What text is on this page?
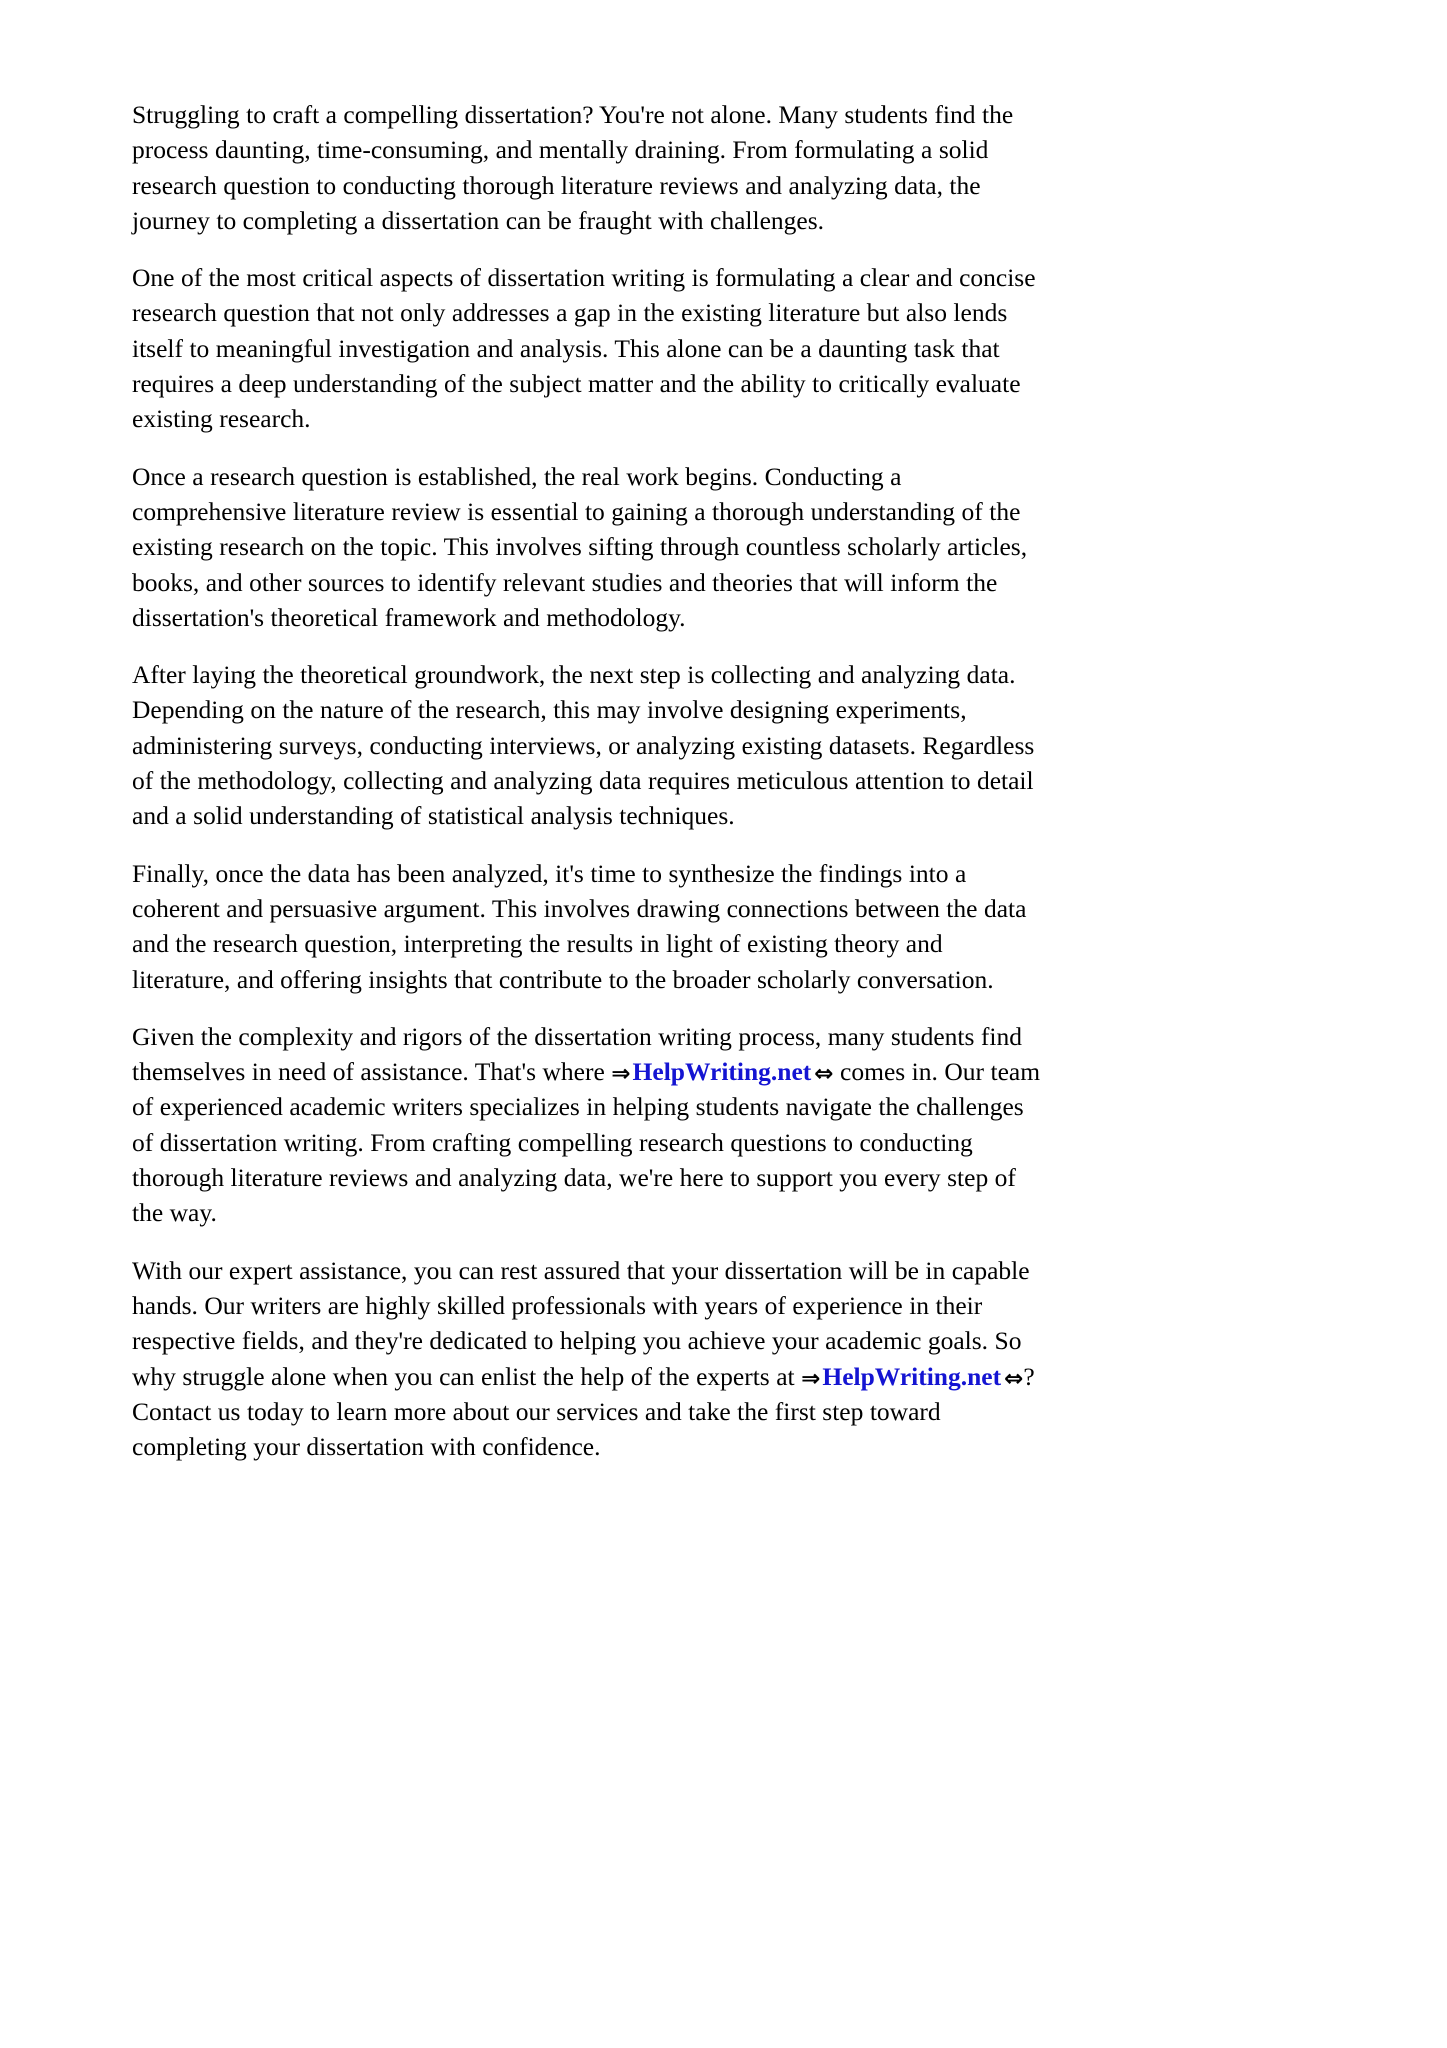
Struggling to craft a compelling dissertation? You're not alone. Many students find the process daunting, time-consuming, and mentally draining. From formulating a solid research question to conducting thorough literature reviews and analyzing data, the journey to completing a dissertation can be fraught with challenges.

One of the most critical aspects of dissertation writing is formulating a clear and concise research question that not only addresses a gap in the existing literature but also lends itself to meaningful investigation and analysis. This alone can be a daunting task that requires a deep understanding of the subject matter and the ability to critically evaluate existing research.

Once a research question is established, the real work begins. Conducting a comprehensive literature review is essential to gaining a thorough understanding of the existing research on the topic. This involves sifting through countless scholarly articles, books, and other sources to identify relevant studies and theories that will inform the dissertation's theoretical framework and methodology.

After laying the theoretical groundwork, the next step is collecting and analyzing data. Depending on the nature of the research, this may involve designing experiments, administering surveys, conducting interviews, or analyzing existing datasets. Regardless of the methodology, collecting and analyzing data requires meticulous attention to detail and a solid understanding of statistical analysis techniques.

Finally, once the data has been analyzed, it's time to synthesize the findings into a coherent and persuasive argument. This involves drawing connections between the data and the research question, interpreting the results in light of existing theory and literature, and offering insights that contribute to the broader scholarly conversation.

Given the complexity and rigors of the dissertation writing process, many students find themselves in need of assistance. That's where ⇒HelpWriting.net ⇔ comes in. Our team of experienced academic writers specializes in helping students navigate the challenges of dissertation writing. From crafting compelling research questions to conducting thorough literature reviews and analyzing data, we're here to support you every step of the way.

With our expert assistance, you can rest assured that your dissertation will be in capable hands. Our writers are highly skilled professionals with years of experience in their respective fields, and they're dedicated to helping you achieve your academic goals. So why struggle alone when you can enlist the help of the experts at ⇒HelpWriting.net ⇔? Contact us today to learn more about our services and take the first step toward completing your dissertation with confidence.
